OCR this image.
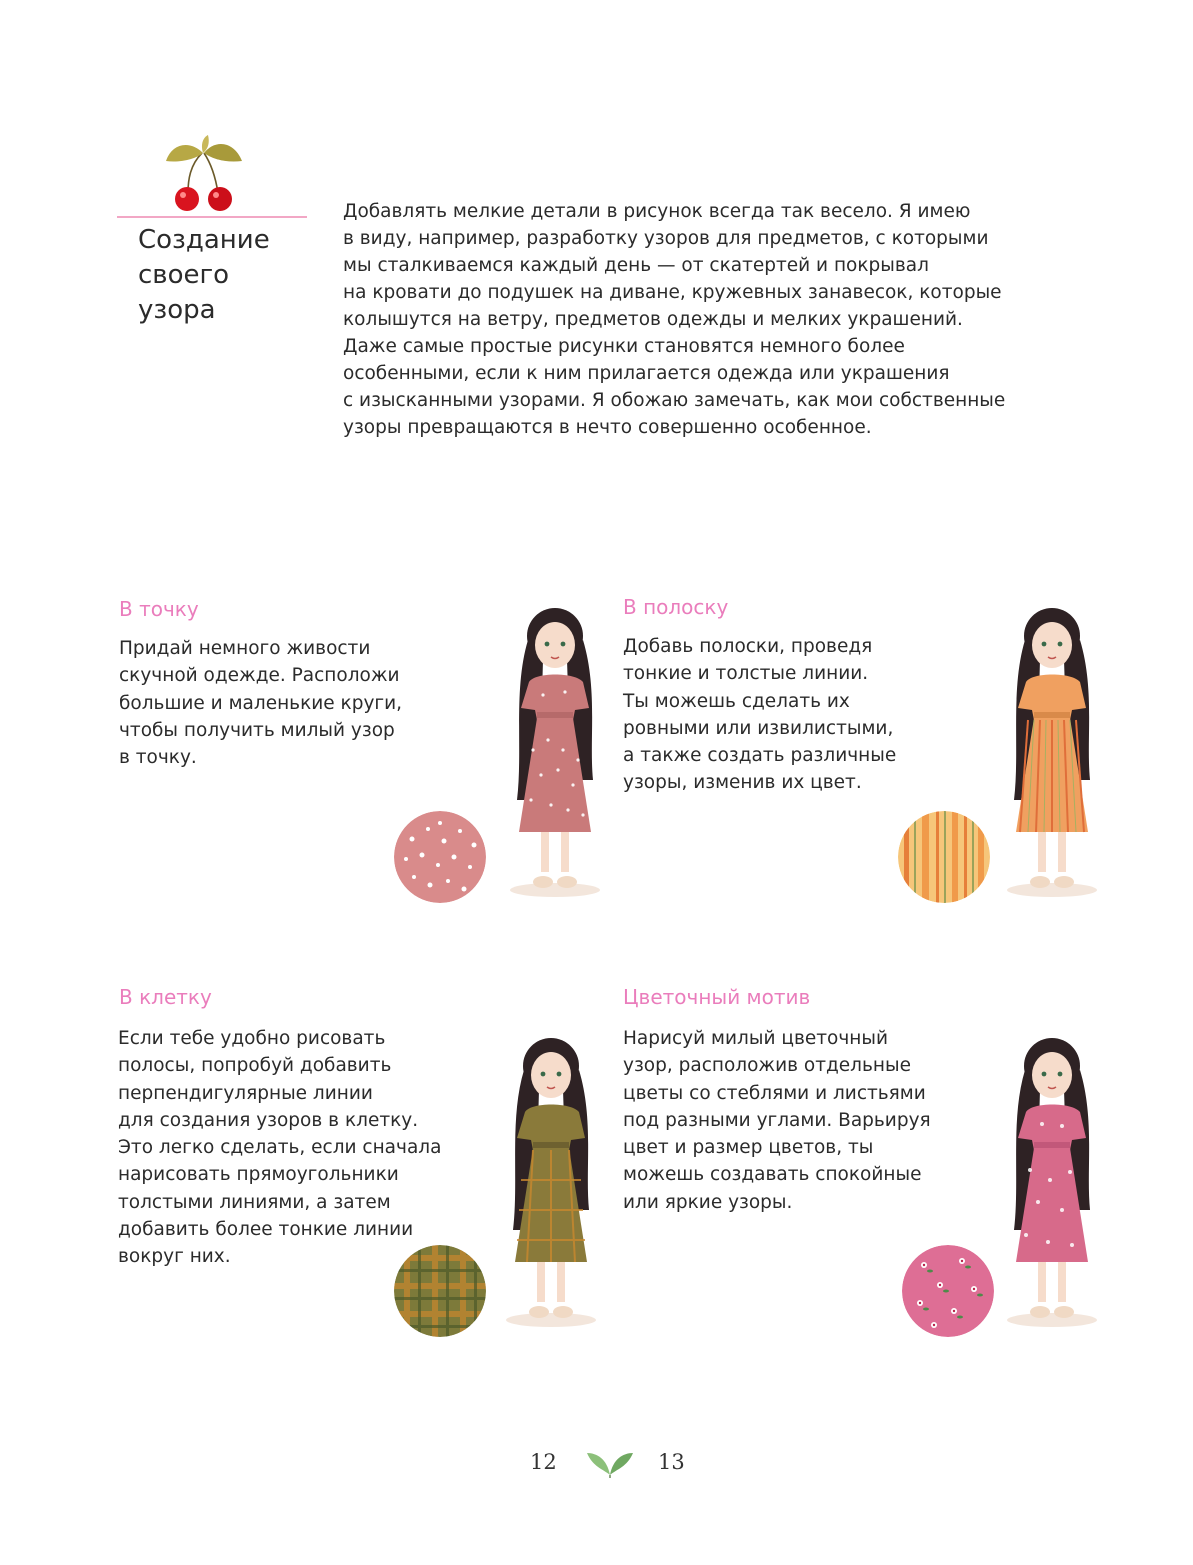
Создание
своего
узора
Добавлять мелкие детали в рисунок всегда так весело. Я имею
в виду, например, разработку узоров для предметов, с которыми
мы сталкиваемся каждый день — от скатертей и покрывал
на кровати до подушек на диване, кружевных занавесок, которые
колышутся на ветру, предметов одежды и мелких украшений.
Даже самые простые рисунки становятся немного более
особенными, если к ним прилагается одежда или украшения
с изысканными узорами. Я обожаю замечать, как мои собственные
узоры превращаются в нечто совершенно особенное.
В точку
Придай немного живости
скучной одежде. Расположи
большие и маленькие круги,
чтобы получить милый узор
в точку.
В полоску
Добавь полоски, проведя
тонкие и толстые линии.
Ты можешь сделать их
ровными или извилистыми,
а также создать различные
узоры, изменив их цвет.
В клетку
Если тебе удобно рисовать
полосы, попробуй добавить
перпендигулярные линии
для создания узоров в клетку.
Это легко сделать, если сначала
нарисовать прямоугольники
толстыми линиями, а затем
добавить более тонкие линии
вокруг них.
Цветочный мотив
Нарисуй милый цветочный
узор, расположив отдельные
цветы со стеблями и листьями
под разными углами. Варьируя
цвет и размер цветов, ты
можешь создавать спокойные
или яркие узоры.
12	13
